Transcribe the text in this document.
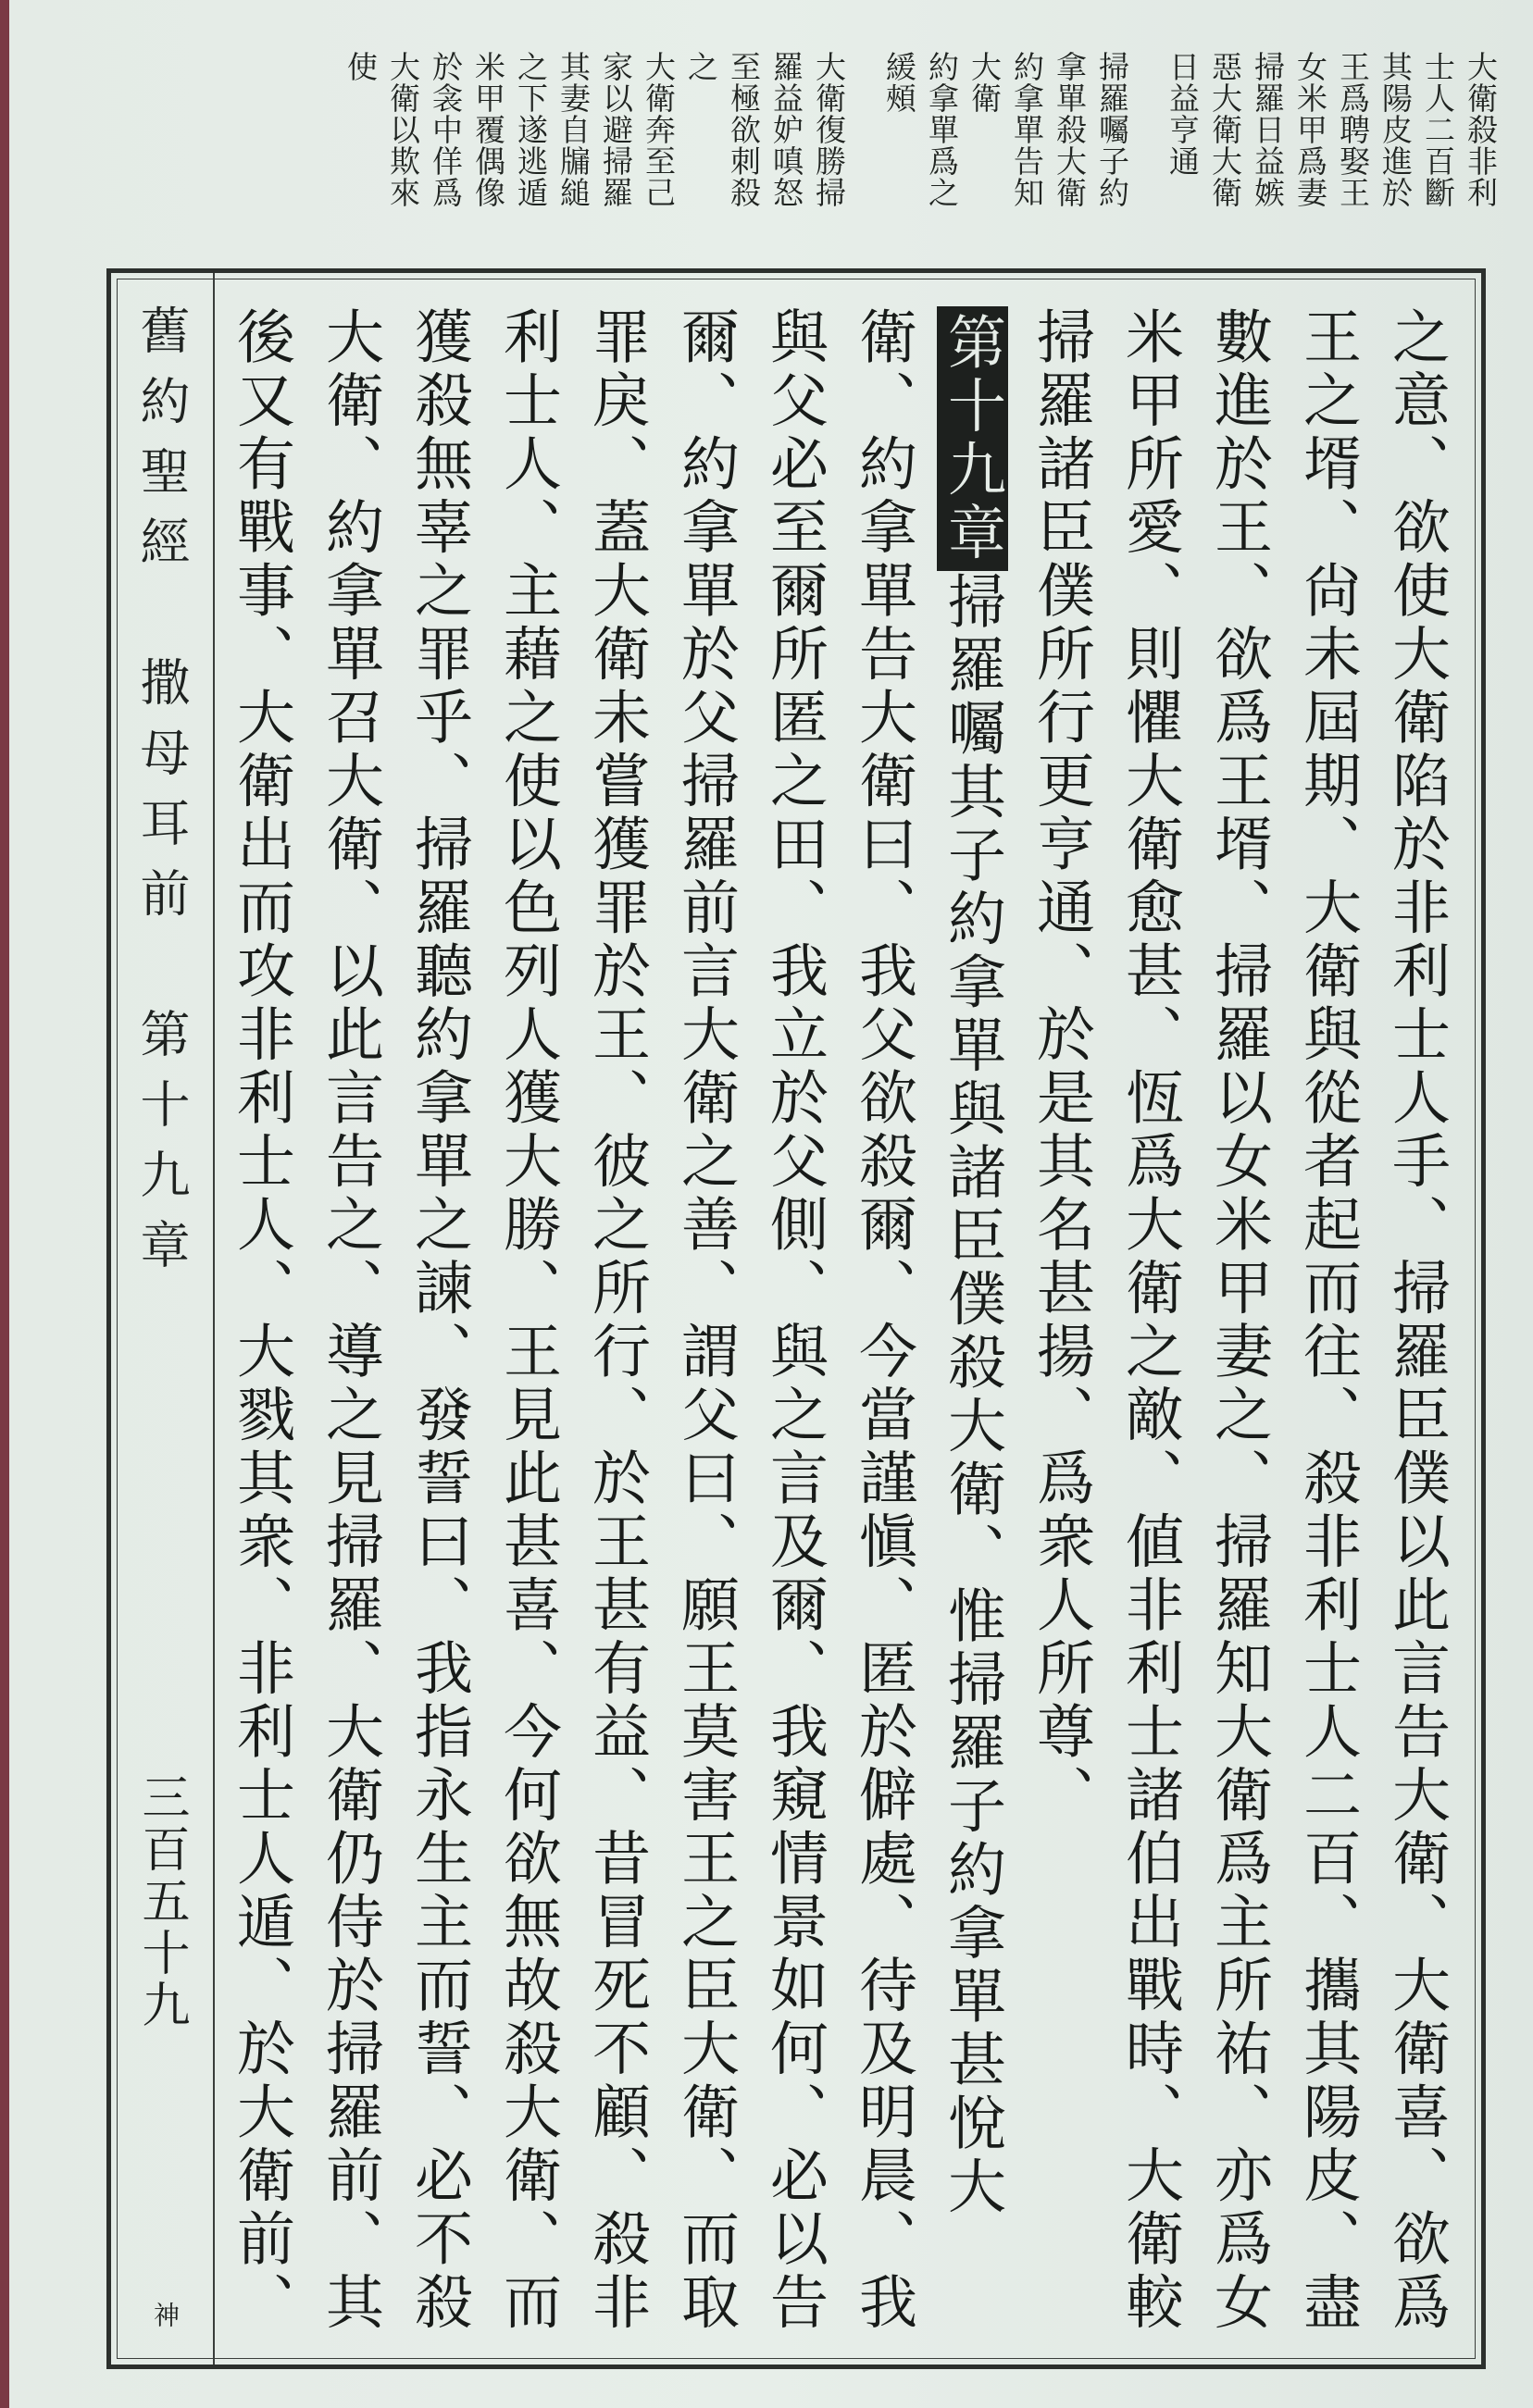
大衛殺非利
士人二百斷
其陽皮進於
王爲聘娶王
女米甲爲妻
掃羅日益嫉
惡大衛大衛
日益亨通
掃羅囑子約
拿單殺大衛
約拿單告知
大衛
約拿單爲之
緩頰
大衛復勝掃
羅益妒嗔怒
至極欲刺殺
之
大衛奔至己
家以避掃羅
其妻自牖縋
之下遂逃遁
米甲覆偶像
於衾中佯爲
大衛以欺來
使
舊約聖經　撒母耳前　第十九章
三百五十九
神	之意、欲使大衛陷於非利士人手、掃羅臣僕以此言告大衛、大衛喜、欲爲王之壻、尙未屆期、大衛與從者起而往、殺非利士人二百、攜其陽皮、盡數進於王、欲爲王壻、掃羅以女米甲妻之、掃羅知大衛爲主所祐、亦爲女米甲所愛、則懼大衛愈甚、恆爲大衛之敵、値非利士諸伯出戰時、大衛較掃羅諸臣僕所行更亨通、於是其名甚揚、爲衆人所尊、

第十九章掃羅囑其子約拿單與諸臣僕殺大衛、惟掃羅子約拿單甚悅大衛、約拿單告大衛曰、我父欲殺爾、今當謹愼、匿於僻處、待及明晨、我與父必至爾所匿之田、我立於父側、與之言及爾、我窺情景如何、必以告爾、約拿單於父掃羅前言大衛之善、謂父曰、願王莫害王之臣大衛、而取罪戾、蓋大衛未嘗獲罪於王、彼之所行、於王甚有益、昔冒死不顧、殺非利士人、主藉之使以色列人獲大勝、王見此甚喜、今何欲無故殺大衛、而獲殺無辜之罪乎、掃羅聽約拿單之諫、發誓曰、我指永生主而誓、必不殺大衛、約拿單召大衛、以此言告之、導之見掃羅、大衛仍侍於掃羅前、其後又有戰事、大衛出而攻非利士人、大戮其衆、非利士人遁、於大衛前、
